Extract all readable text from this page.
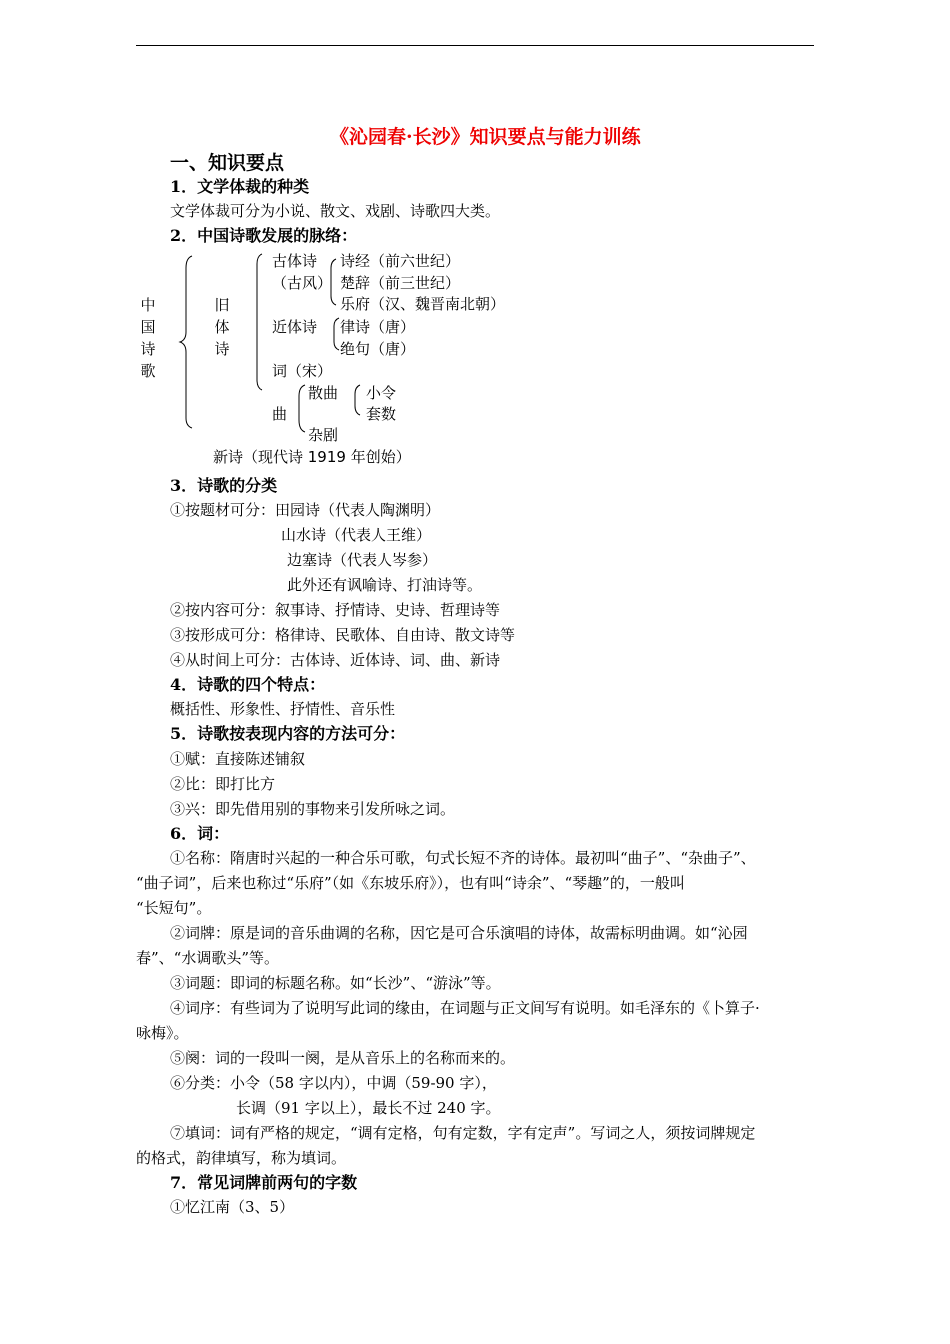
《沁园春·长沙》知识要点与能力训练
一、知识要点
1．文学体裁的种类
文学体裁可分为小说、散文、戏剧、诗歌四大类。
2．中国诗歌发展的脉络：
中国诗歌
旧体诗
古体诗
（古风）
诗经（前六世纪）
楚辞（前三世纪）
乐府（汉、魏晋南北朝）
近体诗 律诗（唐）
绝句（唐）
词（宋）
曲
散曲 小令
套数
杂剧
新诗（现代诗 1919 年创始）
3．诗歌的分类
①按题材可分：田园诗（代表人陶渊明）
山水诗（代表人王维）
边塞诗（代表人岑参）
此外还有讽喻诗、打油诗等。
②按内容可分：叙事诗、抒情诗、史诗、哲理诗等
③按形成可分：格律诗、民歌体、自由诗、散文诗等
④从时间上可分：古体诗、近体诗、词、曲、新诗
4．诗歌的四个特点：
概括性、形象性、抒情性、音乐性
5．诗歌按表现内容的方法可分：
①赋：直接陈述铺叙
②比：即打比方
③兴：即先借用别的事物来引发所咏之词。
6．词：
①名称：隋唐时兴起的一种合乐可歌，句式长短不齐的诗体。最初叫“曲子”、“杂曲子”、
“曲子词”，后来也称过“乐府”（如《东坡乐府》），也有叫“诗余”、“琴趣”的，一般叫
“长短句”。
②词牌：原是词的音乐曲调的名称，因它是可合乐演唱的诗体，故需标明曲调。如“沁园
春”、“水调歌头”等。
③词题：即词的标题名称。如“长沙”、“游泳”等。
④词序：有些词为了说明写此词的缘由，在词题与正文间写有说明。如毛泽东的《卜算子·
咏梅》。
⑤阕：词的一段叫一阕，是从音乐上的名称而来的。
⑥分类：小令（58 字以内），中调（59-90 字），
长调（91 字以上），最长不过 240 字。
⑦填词：词有严格的规定，“调有定格，句有定数，字有定声”。写词之人，须按词牌规定
的格式，韵律填写，称为填词。
7．常见词牌前两句的字数
①忆江南（3、5）
